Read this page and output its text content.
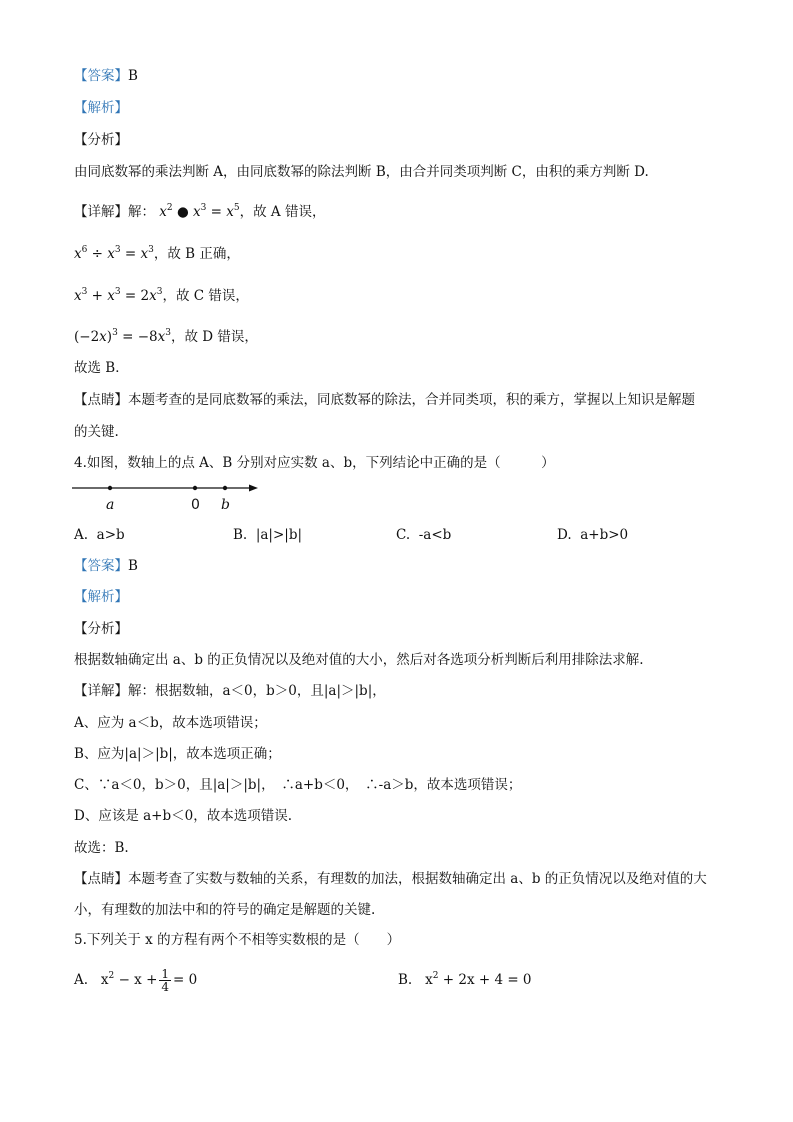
【答案】B
【解析】
【分析】
由同底数幂的乘法判断 A，由同底数幂的除法判断 B，由合并同类项判断 C，由积的乘方判断 D.
【详解】解： $x^2$ ● $x^3 = x^5$，故 A 错误，
$x^6 \div x^3 = x^3$，故 B 正确，
$x^3 + x^3 = 2x^3$，故 C 错误，
$(-2x)^3 = -8x^3$，故 D 错误，
故选 B．
【点睛】本题考查的是同底数幂的乘法，同底数幂的除法，合并同类项，积的乘方，掌握以上知识是解题
的关键.
4.如图，数轴上的点 A、B 分别对应实数 a、b，下列结论中正确的是（　　　）
a	0 b
A. a>b	B. |a|>|b|	C. -a<b	D. a+b>0
【答案】B
【解析】
【分析】
根据数轴确定出 a、b 的正负情况以及绝对值的大小，然后对各选项分析判断后利用排除法求解.
【详解】解：根据数轴，a＜0，b＞0，且|a|＞|b|，
A、应为 a＜b，故本选项错误；
B、应为|a|＞|b|，故本选项正确；
C、∵a＜0，b＞0，且|a|＞|b|，　∴a+b＜0，　∴-a＞b，故本选项错误；
D、应该是 a+b＜0，故本选项错误.
故选：B.
【点睛】本题考查了实数与数轴的关系，有理数的加法，根据数轴确定出 a、b 的正负情况以及绝对值的大
小，有理数的加法中和的符号的确定是解题的关键.
5.下列关于 x 的方程有两个不相等实数根的是（　　）
A. $x^2 - x + \frac{1}{4} = 0$	B. $x^2 + 2x + 4 = 0$
